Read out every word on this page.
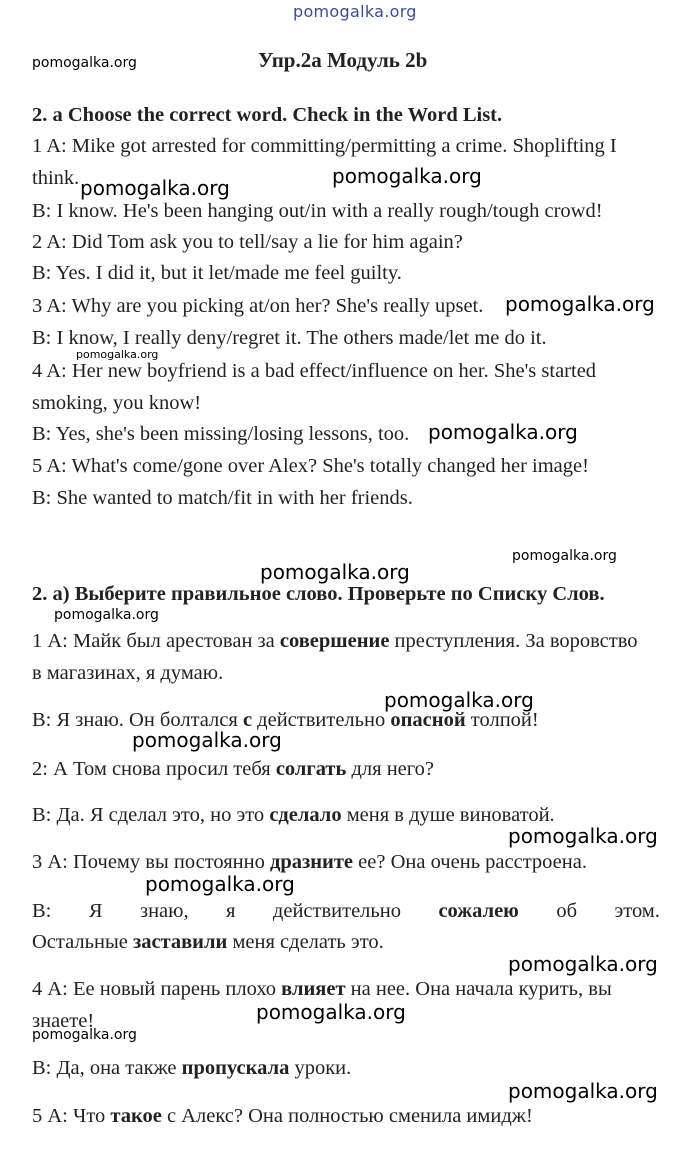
pomogalka.org
pomogalka.org	Упр.2а Модуль 2b
2. a Choose the correct word. Check in the Word List.
1 A: Mike got arrested for committing/permitting a crime. Shoplifting I
think.
B: I know. He's been hanging out/in with a really rough/tough crowd!
2 A: Did Tom ask you to tell/say a lie for him again?
B: Yes. I did it, but it let/made me feel guilty.
3 A: Why are you picking at/on her? She's really upset.
B: I know, I really deny/regret it. The others made/let me do it.
4 A: Her new boyfriend is a bad effect/influence on her. She's started
smoking, you know!
B: Yes, she's been missing/losing lessons, too.
5 A: What's come/gone over Alex? She's totally changed her image!
B: She wanted to match/fit in with her friends.
2. а) Выберите правильное слово. Проверьте по Списку Слов.
1 А: Майк был арестован за совершение преступления. За воровство
в магазинах, я думаю.
В: Я знаю. Он болтался с действительно опасной толпой!
2: А Том снова просил тебя солгать для него?
В: Да. Я сделал это, но это сделало меня в душе виноватой.
3 А: Почему вы постоянно дразните ее? Она очень расстроена.
В: Я знаю, я действительно сожалею об этом.
Остальные заставили меня сделать это.
4 А: Ее новый парень плохо влияет на нее. Она начала курить, вы
знаете!
В: Да, она также пропускала уроки.
5 А: Что такое с Алекс? Она полностью сменила имидж!
pomogalka.org	pomogalka.org
pomogalka.org
pomogalka.org
pomogalka.org
pomogalka.org
pomogalka.org
pomogalka.org
pomogalka.org
pomogalka.org
pomogalka.org
pomogalka.org
pomogalka.org
pomogalka.org
pomogalka.org
pomogalka.org
